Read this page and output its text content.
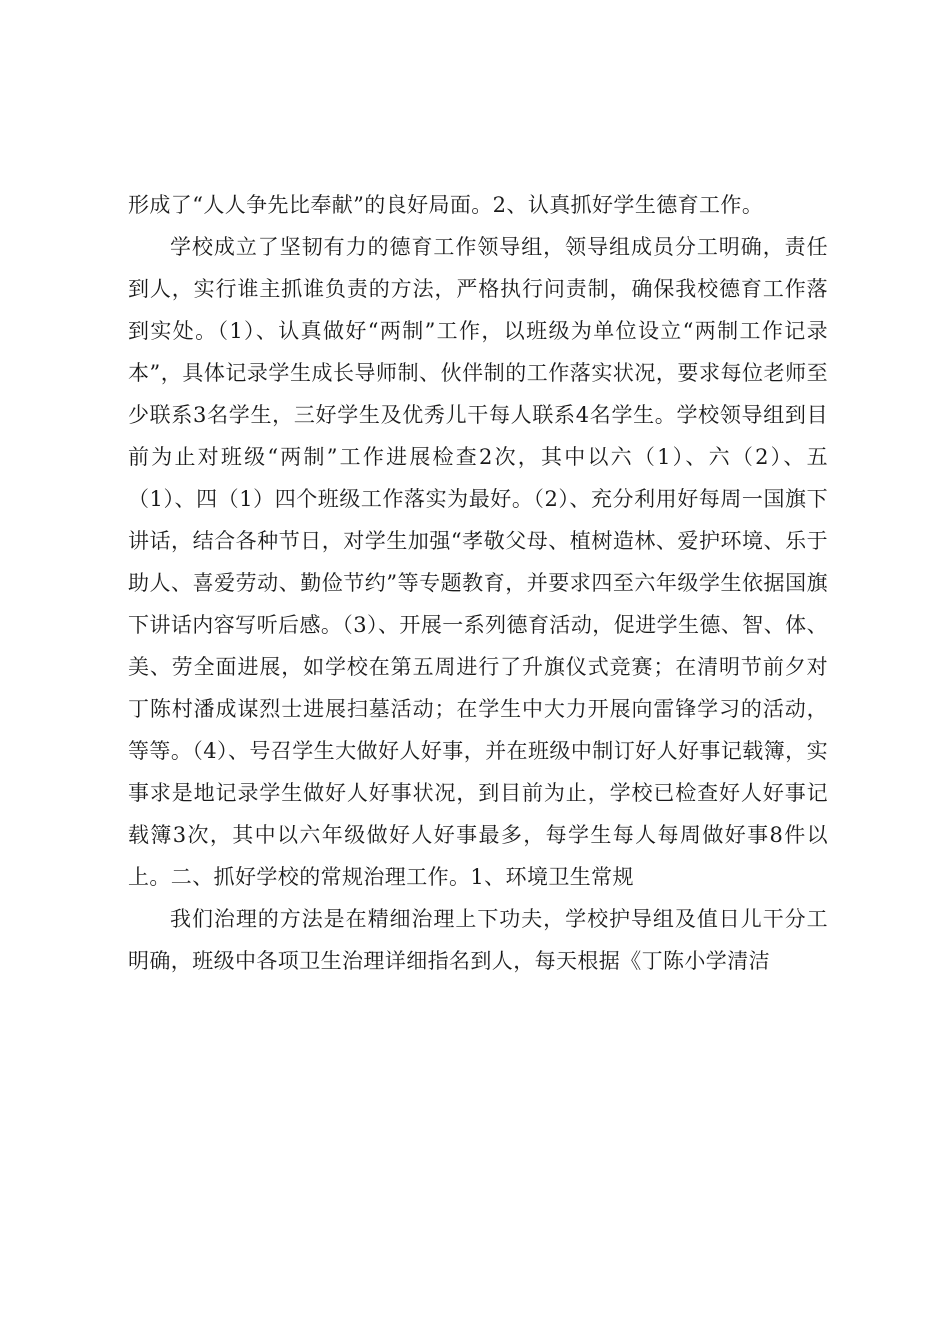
形成了“人人争先比奉献”的良好局面。2、认真抓好学生德育工作。

学校成立了坚韧有力的德育工作领导组，领导组成员分工明确，责任到人，实行谁主抓谁负责的方法，严格执行问责制，确保我校德育工作落到实处。（1）、认真做好“两制”工作，以班级为单位设立“两制工作记录本”，具体记录学生成长导师制、伙伴制的工作落实状况，要求每位老师至少联系3名学生，三好学生及优秀儿干每人联系4名学生。学校领导组到目前为止对班级“两制”工作进展检查2次，其中以六（1）、六（2）、五（1）、四（1）四个班级工作落实为最好。（2）、充分利用好每周一国旗下讲话，结合各种节日，对学生加强“孝敬父母、植树造林、爱护环境、乐于助人、喜爱劳动、勤俭节约”等专题教育，并要求四至六年级学生依据国旗下讲话内容写听后感。（3）、开展一系列德育活动，促进学生德、智、体、美、劳全面进展，如学校在第五周进行了升旗仪式竞赛；在清明节前夕对丁陈村潘成谋烈士进展扫墓活动；在学生中大力开展向雷锋学习的活动，等等。（4）、号召学生大做好人好事，并在班级中制订好人好事记载簿，实事求是地记录学生做好人好事状况，到目前为止，学校已检查好人好事记载簿3次，其中以六年级做好人好事最多，每学生每人每周做好事8件以上。二、抓好学校的常规治理工作。1、环境卫生常规

我们治理的方法是在精细治理上下功夫，学校护导组及值日儿干分工明确，班级中各项卫生治理详细指名到人，每天根据《丁陈小学清洁
